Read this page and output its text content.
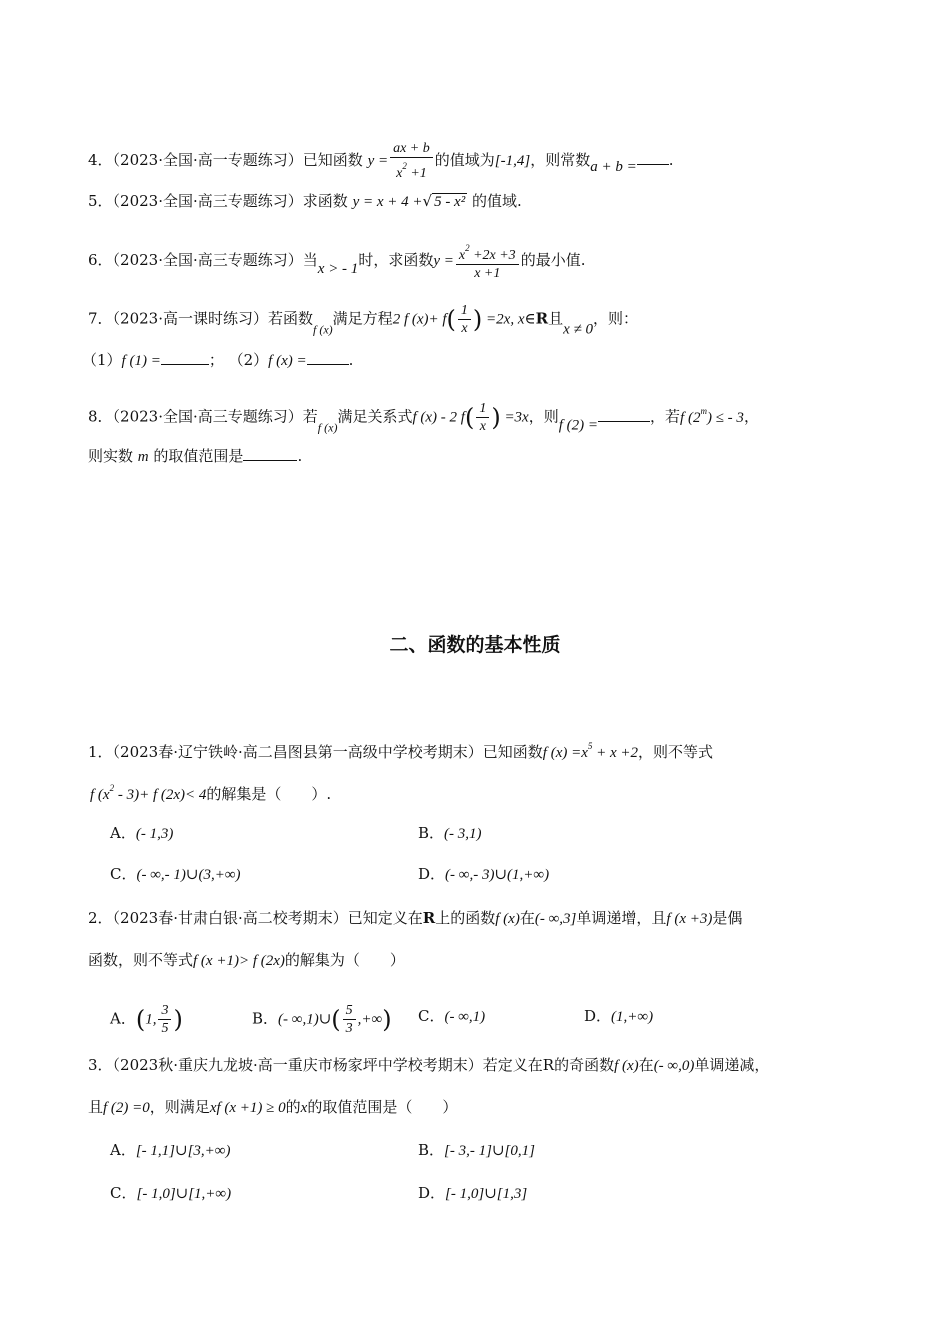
4．（2023·全国·高一专题练习）已知函数 $y = \frac{ax + b}{x^2 +1}$ 的值域为[-1,4]，则常数a + b = .
5．（2023·全国·高三专题练习）求函数 y = x + 4 +√ 5 - x² 的值域.
6．（2023·全国·高三专题练习）当x > - 1时，求函数$y = \frac{x^2 +2x +3}{x +1}$ 的最小值.
7．（2023·高一课时练习）若函数$_{f (x)}$满足方程2 f $(x)+ f( \frac{1}{x}$ ) =2x, x∈R且x ≠ 0，则：
（1）f (1) =	； （2）f (x) =	.
8．（2023·全国·高三专题练习）若$_{f (x)}$满足关系式f (x) - 2 $f( \frac{1}{x}$ ) =3x，则f (2) =	，若f $(2^m)$ ≤ - 3，
则实数 m 的取值范围是	.
二、函数的基本性质
1．（2023春·辽宁铁岭·高二昌图县第一高级中学校考期末）已知函数f $(x) =x^5 + x +2$，则不等式
f $(x^2 - 3)+ f$ (2x)< 4的解集是（　　）.
A．(- 1,3)	B．(- 3,1)
C．(- ∞,- 1)∪(3,+∞)	D．(- ∞,- 3)∪(1,+∞)
2．（2023春·甘肃白银·高二校考期末）已知定义在R上的函数f (x)在(- ∞,3]单调递增，且f (x +3)是偶
函数，则不等式f (x +1)> f (2x)的解集为（　　）
A．(1, $\frac{3}{5}$ )	B．(- ∞,1)∪( $\frac{5}{3}$ ,+∞) C．(- ∞,1)	D．(1,+∞)
3．（2023秋·重庆九龙坡·高一重庆市杨家坪中学校考期末）若定义在R的奇函数f (x)在(- ∞,0)单调递减，
且f (2) =0，则满足xf (x +1) ≥ 0的x的取值范围是（　　）
A．[- 1,1]∪[3,+∞)	B．[- 3,- 1]∪[0,1]
C．[- 1,0]∪[1,+∞)	D．[- 1,0]∪[1,3]
